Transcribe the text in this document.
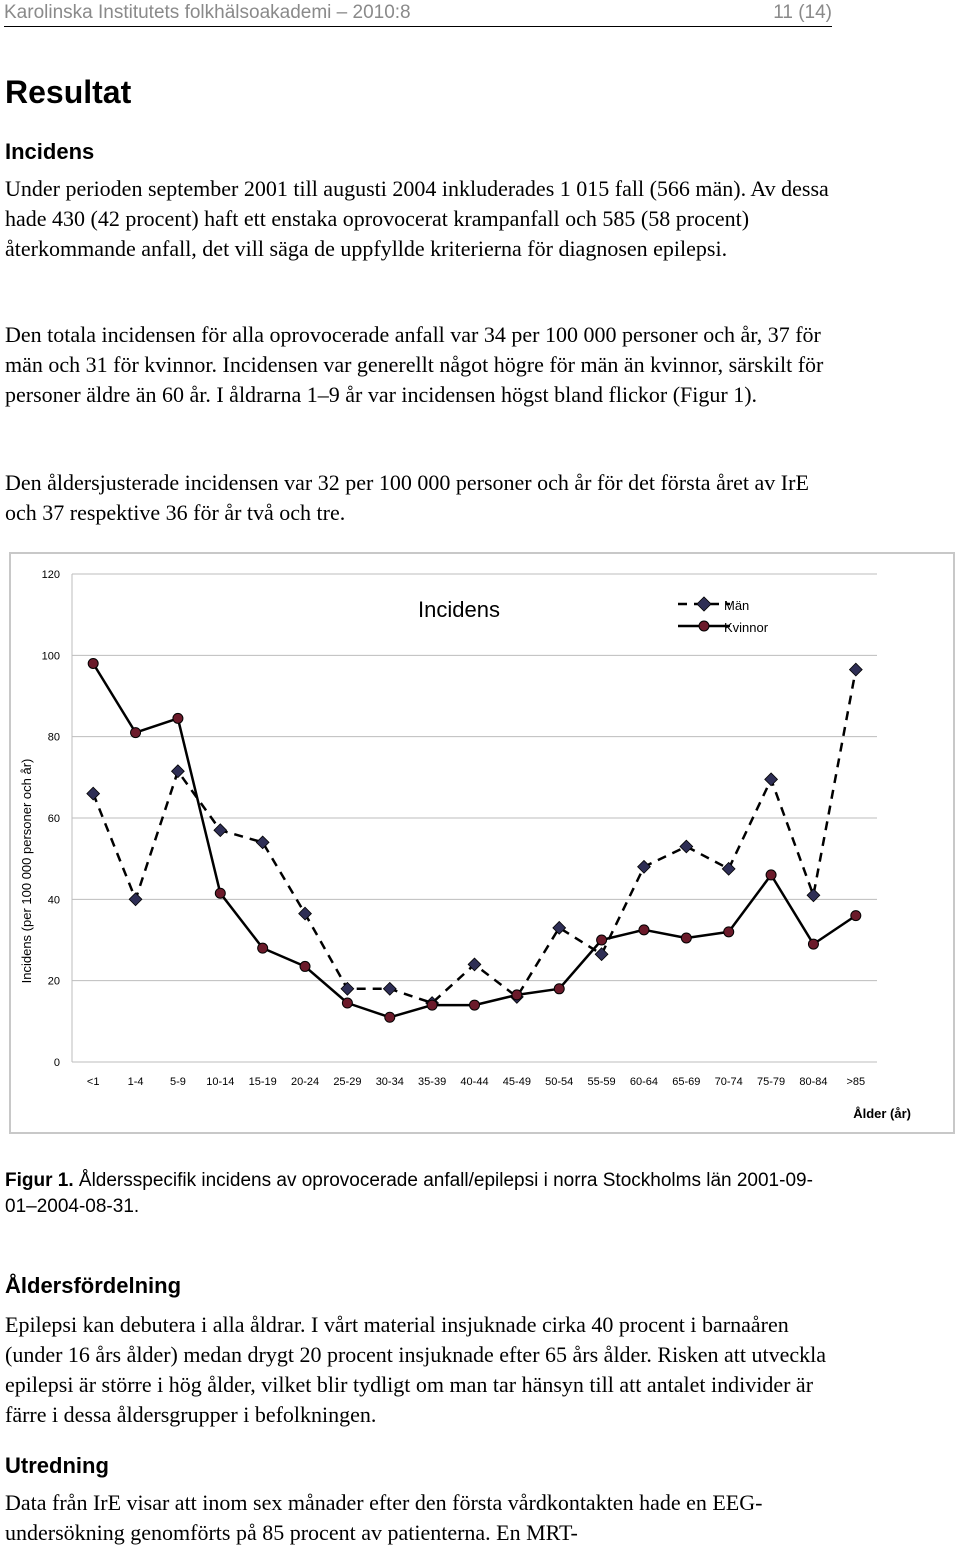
Karolinska Institutets folkhälsoakademi – 2010:8	11 (14)
Resultat
Incidens

Under perioden september 2001 till augusti 2004 inkluderades 1 015 fall (566 män). Av dessa hade 430 (42 procent) haft ett enstaka oprovocerat krampanfall och 585 (58 procent) återkommande anfall, det vill säga de uppfyllde kriterierna för diagnosen epilepsi.

Den totala incidensen för alla oprovocerade anfall var 34 per 100 000 personer och år, 37 för män och 31 för kvinnor. Incidensen var generellt något högre för män än kvinnor, särskilt för personer äldre än 60 år. I åldrarna 1–9 år var incidensen högst bland flickor (Figur 1).

Den åldersjusterade incidensen var 32 per 100 000 personer och år för det första året av IrE och 37 respektive 36 för år två och tre.

0
20
40
60
80
100
120
<1	1-4 5-9 10-14 15-19 20-24 25-29 30-34 35-39 40-44 45-49 50-54 55-59 60-64 65-69 70-74 75-79 80-84 >85
Incidens	Män
Kvinnor
Incidens (per 100 000 personer och år)
Ålder (år)

Figur 1. Åldersspecifik incidens av oprovocerade anfall/epilepsi i norra Stockholms län 2001-09-01–2004-08-31.

Åldersfördelning

Epilepsi kan debutera i alla åldrar. I vårt material insjuknade cirka 40 procent i barnaåren (under 16 års ålder) medan drygt 20 procent insjuknade efter 65 års ålder. Risken att utveckla epilepsi är större i hög ålder, vilket blir tydligt om man tar hänsyn till att antalet individer är färre i dessa åldersgrupper i befolkningen.

Utredning

Data från IrE visar att inom sex månader efter den första vårdkontakten hade en EEG-undersökning genomförts på 85 procent av patienterna. En MRT-
